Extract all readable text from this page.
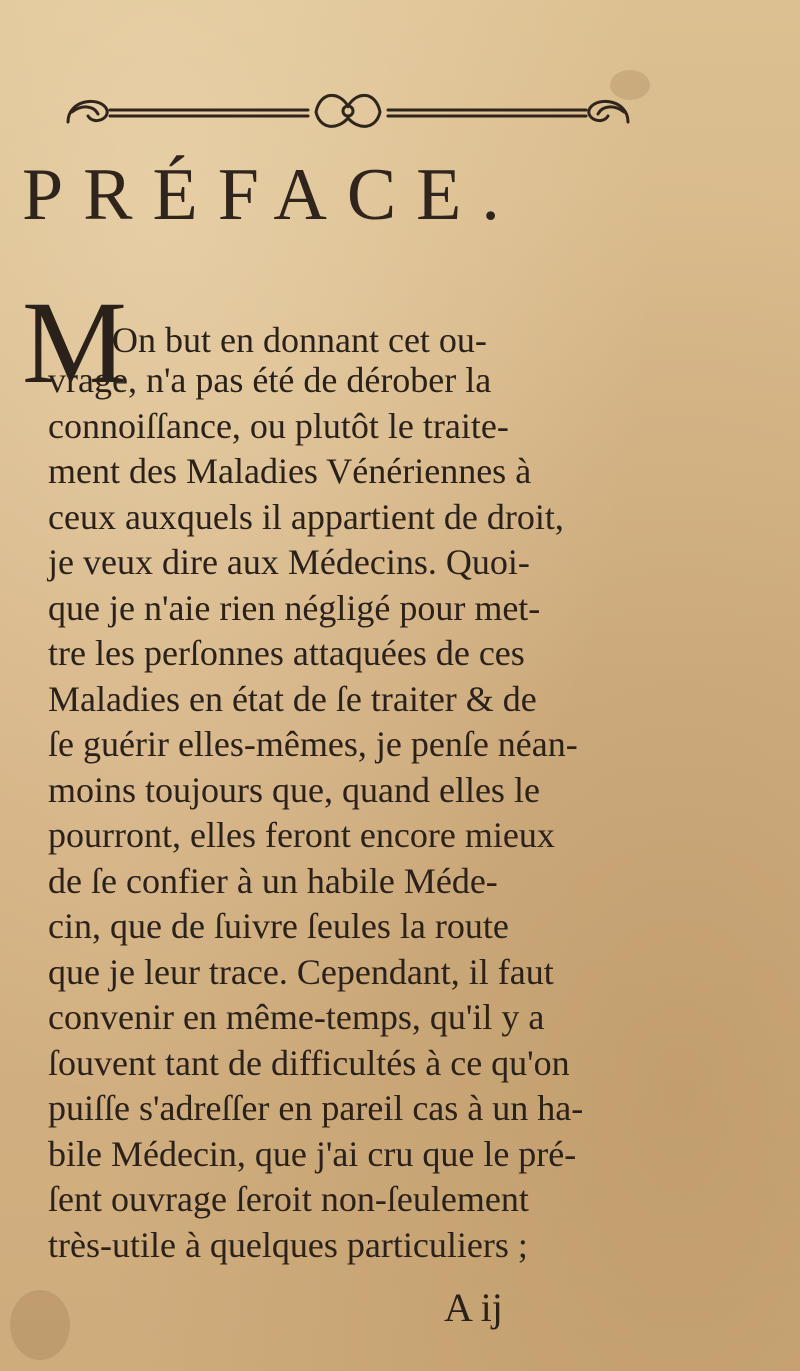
PRÉFACE.
M
On but en donnant cet ou-
vrage, n'a pas été de dérober la
connoiſſance, ou plutôt le traite-
ment des Maladies Vénériennes à
ceux auxquels il appartient de droit,
je veux dire aux Médecins. Quoi-
que je n'aie rien négligé pour met-
tre les perſonnes attaquées de ces
Maladies en état de ſe traiter & de
ſe guérir elles-mêmes, je penſe néan-
moins toujours que, quand elles le
pourront, elles feront encore mieux
de ſe confier à un habile Méde-
cin, que de ſuivre ſeules la route
que je leur trace. Cependant, il faut
convenir en même-temps, qu'il y a
ſouvent tant de difficultés à ce qu'on
puiſſe s'adreſſer en pareil cas à un ha-
bile Médecin, que j'ai cru que le pré-
ſent ouvrage ſeroit non-ſeulement
très-utile à quelques particuliers ;
A ij
